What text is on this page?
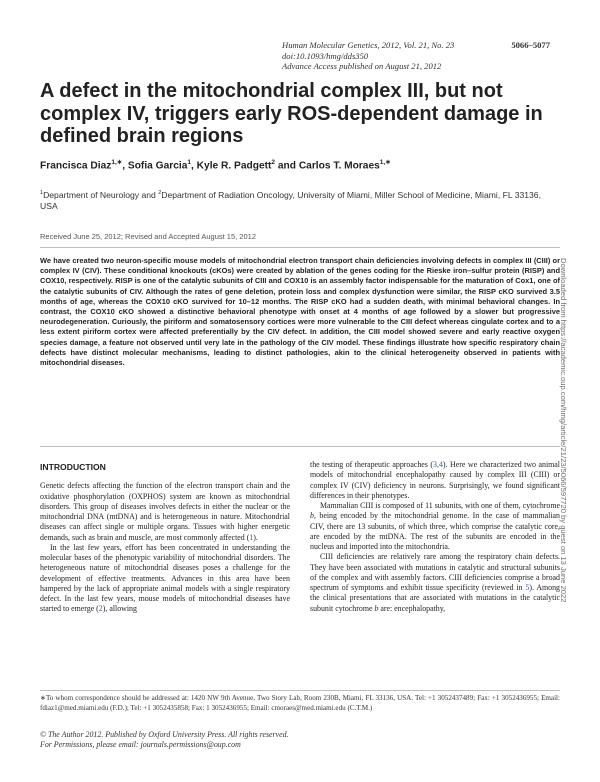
Human Molecular Genetics, 2012, Vol. 21, No. 23	5066–5077
doi:10.1093/hmg/dds350
Advance Access published on August 21, 2012
A defect in the mitochondrial complex III, but not complex IV, triggers early ROS-dependent damage in defined brain regions
Francisca Diaz$^{1,∗}$, Sofia Garcia$^1$, Kyle R. Padgett$^2$ and Carlos T. Moraes$^{1,∗}$
$^1$Department of Neurology and $^2$Department of Radiation Oncology, University of Miami, Miller School of Medicine, Miami, FL 33136, USA
Received June 25, 2012; Revised and Accepted August 15, 2012
We have created two neuron-specific mouse models of mitochondrial electron transport chain deficiencies involving defects in complex III (CIII) or complex IV (CIV). These conditional knockouts (cKOs) were created by ablation of the genes coding for the Rieske iron–sulfur protein (RISP) and COX10, respectively. RISP is one of the catalytic subunits of CIII and COX10 is an assembly factor indispensable for the maturation of Cox1, one of the catalytic subunits of CIV. Although the rates of gene deletion, protein loss and complex dysfunction were similar, the RISP cKO survived 3.5 months of age, whereas the COX10 cKO survived for 10–12 months. The RISP cKO had a sudden death, with minimal behavioral changes. In contrast, the COX10 cKO showed a distinctive behavioral phenotype with onset at 4 months of age followed by a slower but progressive neurodegeneration. Curiously, the piriform and somatosensory cortices were more vulnerable to the CIII defect whereas cingulate cortex and to a less extent piriform cortex were affected preferentially by the CIV defect. In addition, the CIII model showed severe and early reactive oxygen species damage, a feature not observed until very late in the pathology of the CIV model. These findings illustrate how specific respiratory chain defects have distinct molecular mechanisms, leading to distinct pathologies, akin to the clinical heterogeneity observed in patients with mitochondrial diseases.
INTRODUCTION

Genetic defects affecting the function of the electron transport chain and the oxidative phosphorylation (OXPHOS) system are known as mitochondrial disorders. This group of diseases involves defects in either the nuclear or the mitochondrial DNA (mtDNA) and is heterogeneous in nature. Mitochondrial diseases can affect single or multiple organs. Tissues with higher energetic demands, such as brain and muscle, are most commonly affected (1).

In the last few years, effort has been concentrated in understanding the molecular bases of the phenotypic variability of mitochondrial disorders. The heterogeneous nature of mitochondrial diseases poses a challenge for the development of effective treatments. Advances in this area have been hampered by the lack of appropriate animal models with a single respiratory defect. In the last few years, mouse models of mitochondrial diseases have started to emerge (2), allowing

the testing of therapeutic approaches (3,4). Here we characterized two animal models of mitochondrial encephalopathy caused by complex III (CIII) or complex IV (CIV) deficiency in neurons. Surprisingly, we found significant differences in their phenotypes.

Mammalian CIII is composed of 11 subunits, with one of them, cytochrome b, being encoded by the mitochondrial genome. In the case of mammalian CIV, there are 13 subunits, of which three, which comprise the catalytic core, are encoded by the mtDNA. The rest of the subunits are encoded in the nucleus and imported into the mitochondria.

CIII deficiencies are relatively rare among the respiratory chain defects. They have been associated with mutations in catalytic and structural subunits of the complex and with assembly factors. CIII deficiencies comprise a broad spectrum of symptoms and exhibit tissue specificity (reviewed in 5). Among the clinical presentations that are associated with mutations in the catalytic subunit cytochrome b are: encephalopathy,

∗To whom correspondence should be addressed at: 1420 NW 9th Avenue, Two Story Lab, Room 230B, Miami, FL 33136, USA. Tel: +1 3052437489; Fax: +1 3052436955; Email: fdiaz1@med.miami.edu (F.D.); Tel: +1 3052435858; Fax: 1 3052436955; Email: cmoraes@med.miami.edu (C.T.M.)
© The Author 2012. Published by Oxford University Press. All rights reserved.
For Permissions, please email: journals.permissions@oup.com
Downloaded from https://academic.oup.com/hmg/article/21/23/5066/597720 by guest on 13 June 2022
